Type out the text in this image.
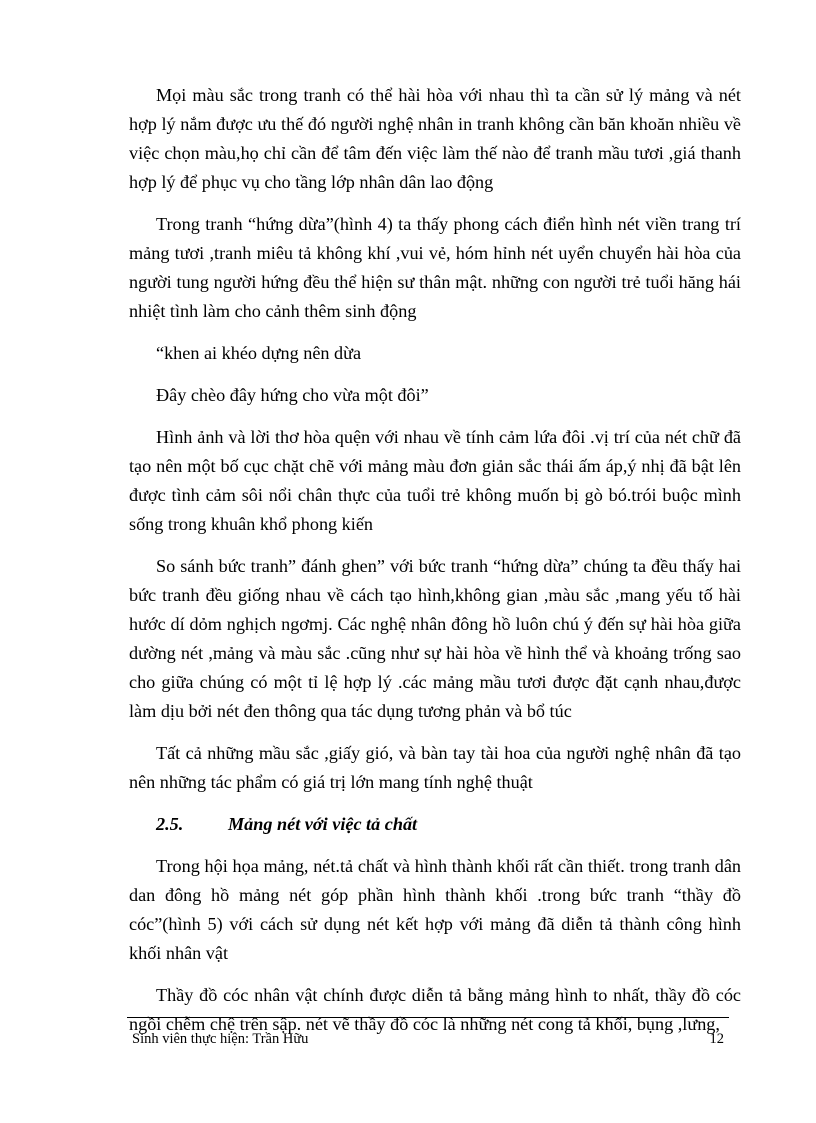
Mọi màu sắc trong tranh có thể hài hòa với nhau thì ta cần sử lý mảng và nét hợp lý nắm được ưu thế đó người nghệ nhân in tranh không cần băn khoăn nhiều về việc chọn màu,họ chỉ cần để tâm đến việc làm thế nào để tranh mầu tươi ,giá thanh hợp lý để phục vụ cho tầng lớp nhân dân lao động

Trong tranh “hứng dừa”(hình 4) ta thấy phong cách điển hình nét viền trang trí mảng tươi ,tranh miêu tả không khí ,vui vẻ, hóm hỉnh nét uyển chuyển hài hòa của người tung người hứng đều thể hiện sư thân mật. những con người trẻ tuổi hăng hái nhiệt tình làm cho cảnh thêm sinh động

“khen ai khéo dựng nên dừa

Đây chèo đây hứng cho vừa một đôi”

Hình ảnh và lời thơ hòa quện với nhau về tính cảm lứa đôi .vị trí của nét chữ đã tạo nên một bố cục chặt chẽ với mảng màu đơn giản sắc thái ấm áp,ý nhị đã bật lên được tình cảm sôi nổi chân thực của tuổi trẻ không muốn bị gò bó.trói buộc mình sống trong khuân khổ phong kiến

So sánh bức tranh” đánh ghen” với bức tranh “hứng dừa” chúng ta đều thấy hai bức tranh đều giống nhau về cách tạo hình,không gian ,màu sắc ,mang yếu tố hài hước dí dỏm nghịch ngơmj. Các nghệ nhân đông hồ luôn chú ý đến sự hài hòa giữa dường nét ,mảng và màu sắc .cũng như sự hài hòa về hình thể và khoảng trống sao cho giữa chúng có một tỉ lệ hợp lý .các mảng mầu tươi được đặt cạnh nhau,được làm dịu bởi nét đen thông qua tác dụng tương phản và bổ túc

Tất cả những mầu sắc ,giấy gió, và bàn tay tài hoa của người nghệ nhân đã tạo nên những tác phẩm có giá trị lớn mang tính nghệ thuật

2.5.	Mảng nét với việc tả chất

Trong hội họa mảng, nét.tả chất và hình thành khối rất cần thiết. trong tranh dân dan đông hồ mảng nét góp phần hình thành khối .trong bức tranh “thầy đồ cóc”(hình 5) với cách sử dụng nét kết hợp với mảng đã diễn tả thành công hình khối nhân vật

Thầy đồ cóc nhân vật chính được diễn tả bằng mảng hình to nhất, thầy đồ cóc ngồi chễm chệ trên sập. nét vẽ thầy đồ cóc là những nét cong tả khối, bụng ,lưng,

Sinh viên thực hiện: Trần Hữu	12
